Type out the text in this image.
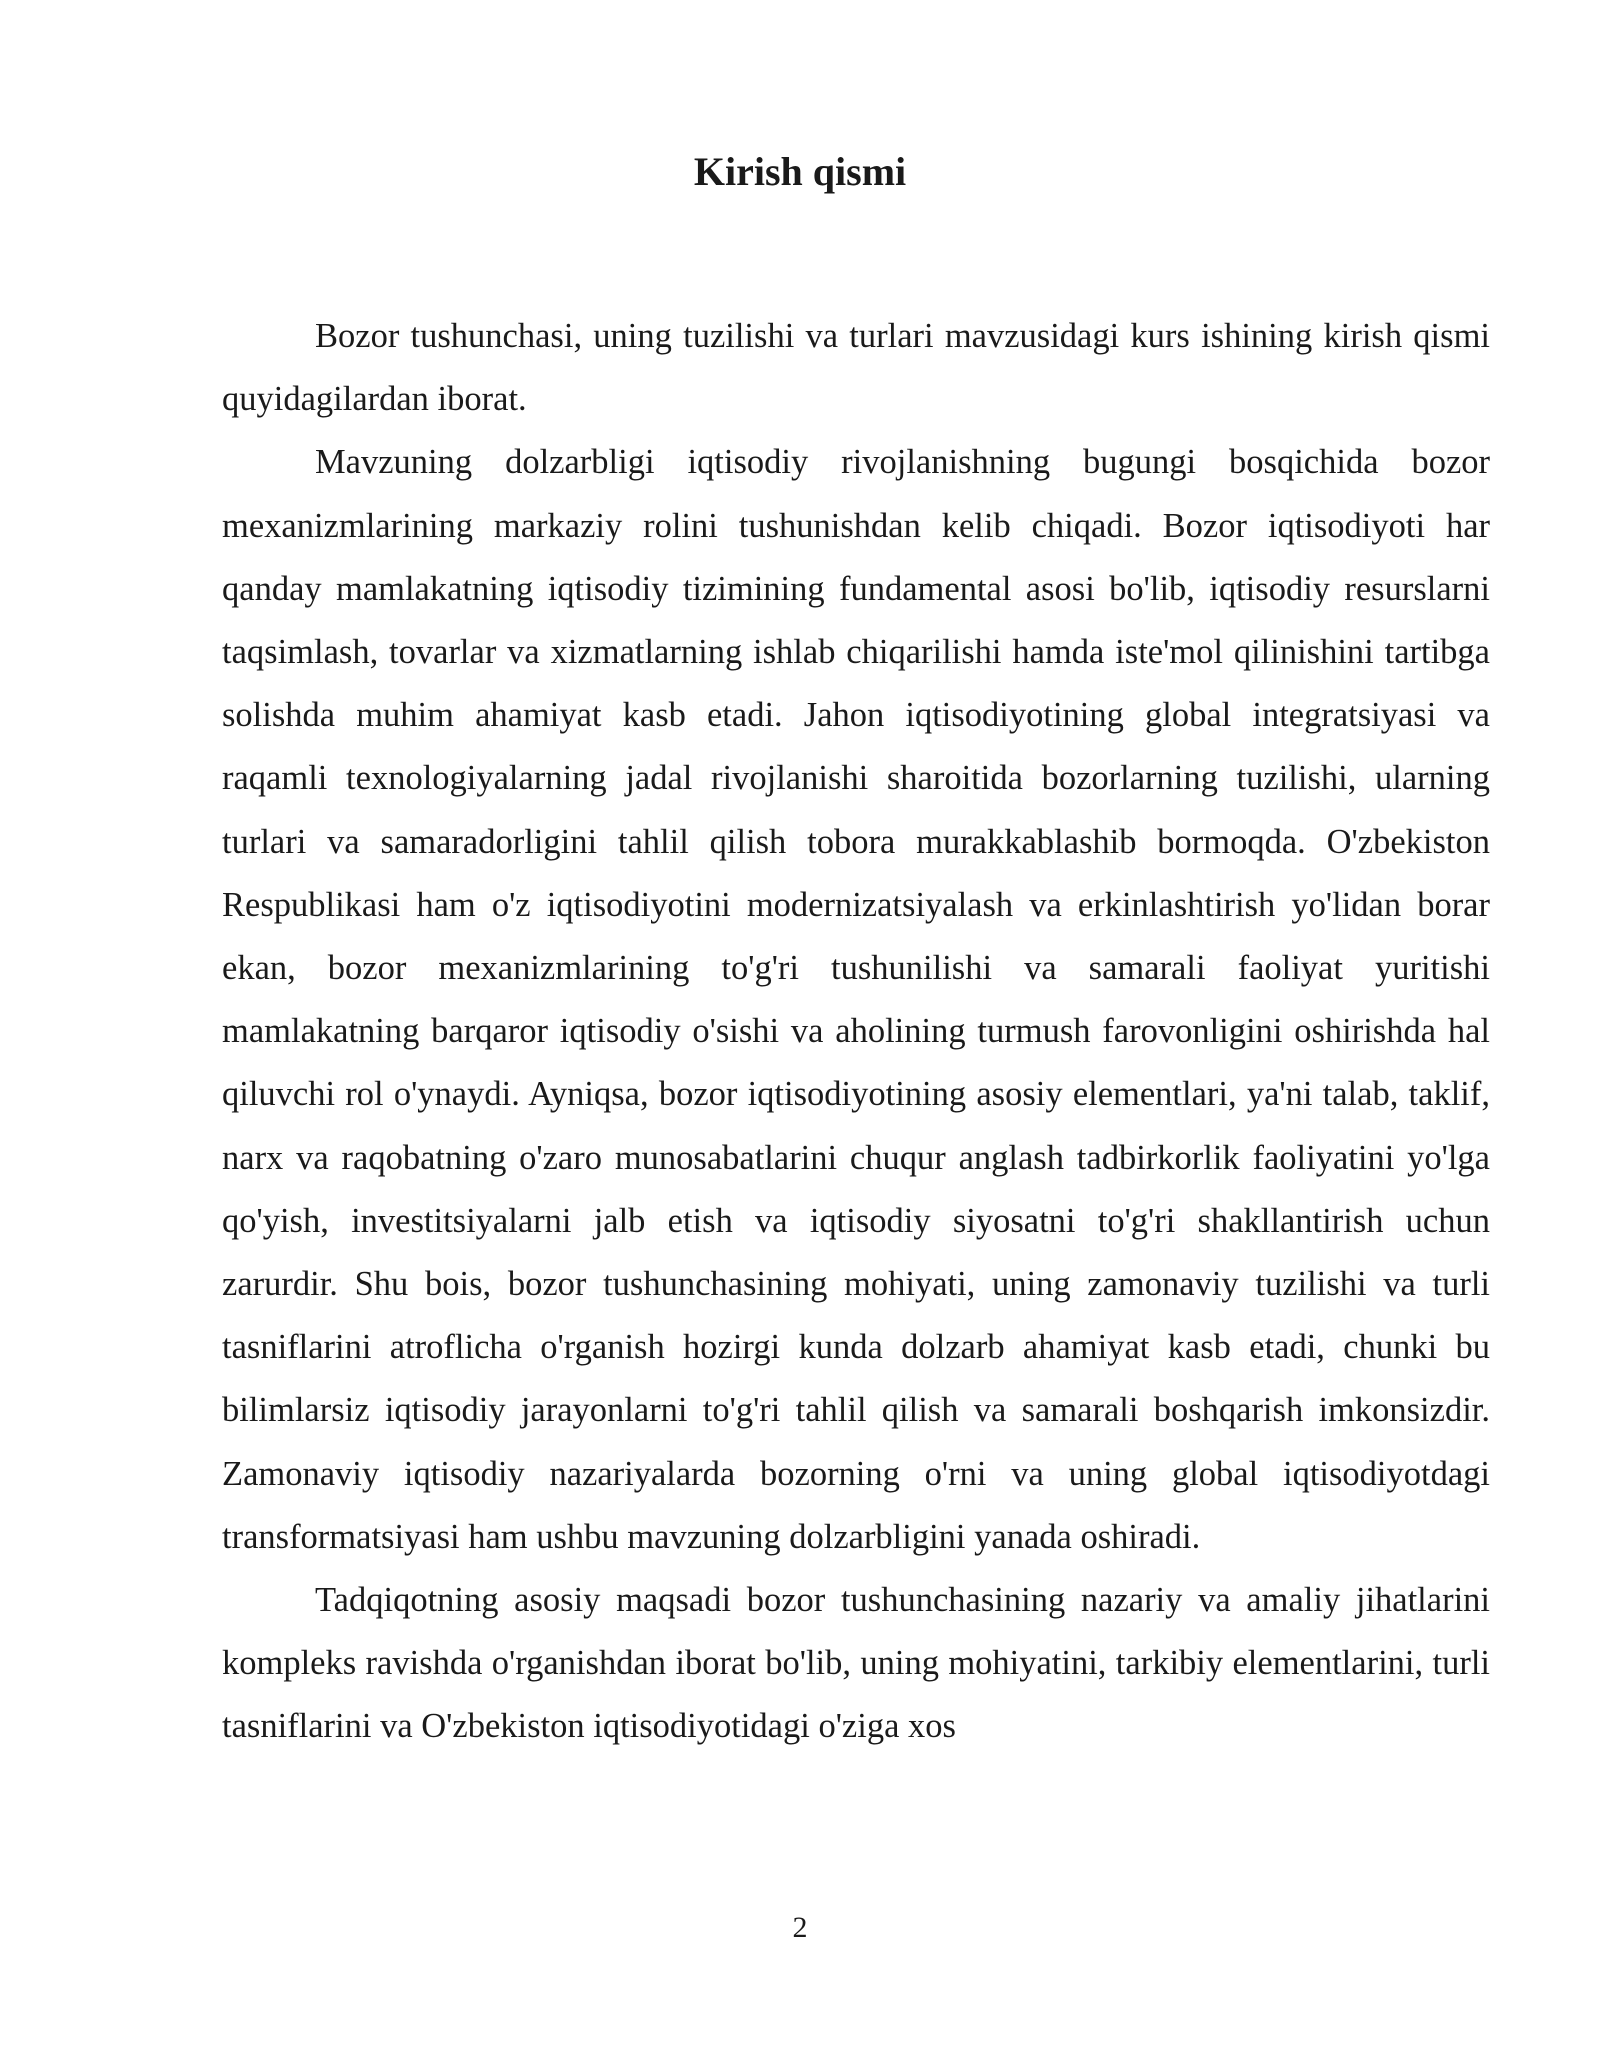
Kirish qismi

Bozor tushunchasi, uning tuzilishi va turlari mavzusidagi kurs ishining kirish qismi quyidagilardan iborat.

Mavzuning dolzarbligi iqtisodiy rivojlanishning bugungi bosqichida bozor mexanizmlarining markaziy rolini tushunishdan kelib chiqadi. Bozor iqtisodiyoti har qanday mamlakatning iqtisodiy tizimining fundamental asosi bo'lib, iqtisodiy resurslarni taqsimlash, tovarlar va xizmatlarning ishlab chiqarilishi hamda iste'mol qilinishini tartibga solishda muhim ahamiyat kasb etadi. Jahon iqtisodiyotining global integratsiyasi va raqamli texnologiyalarning jadal rivojlanishi sharoitida bozorlarning tuzilishi, ularning turlari va samaradorligini tahlil qilish tobora murakkablashib bormoqda. O'zbekiston Respublikasi ham o'z iqtisodiyotini modernizatsiyalash va erkinlashtirish yo'lidan borar ekan, bozor mexanizmlarining to'g'ri tushunilishi va samarali faoliyat yuritishi mamlakatning barqaror iqtisodiy o'sishi va aholining turmush farovonligini oshirishda hal qiluvchi rol o'ynaydi. Ayniqsa, bozor iqtisodiyotining asosiy elementlari, ya'ni talab, taklif, narx va raqobatning o'zaro munosabatlarini chuqur anglash tadbirkorlik faoliyatini yo'lga qo'yish, investitsiyalarni jalb etish va iqtisodiy siyosatni to'g'ri shakllantirish uchun zarurdir. Shu bois, bozor tushunchasining mohiyati, uning zamonaviy tuzilishi va turli tasniflarini atroflicha o'rganish hozirgi kunda dolzarb ahamiyat kasb etadi, chunki bu bilimlarsiz iqtisodiy jarayonlarni to'g'ri tahlil qilish va samarali boshqarish imkonsizdir. Zamonaviy iqtisodiy nazariyalarda bozorning o'rni va uning global iqtisodiyotdagi transformatsiyasi ham ushbu mavzuning dolzarbligini yanada oshiradi.

Tadqiqotning asosiy maqsadi bozor tushunchasining nazariy va amaliy jihatlarini kompleks ravishda o'rganishdan iborat bo'lib, uning mohiyatini, tarkibiy elementlarini, turli tasniflarini va O'zbekiston iqtisodiyotidagi o'ziga xos

2
